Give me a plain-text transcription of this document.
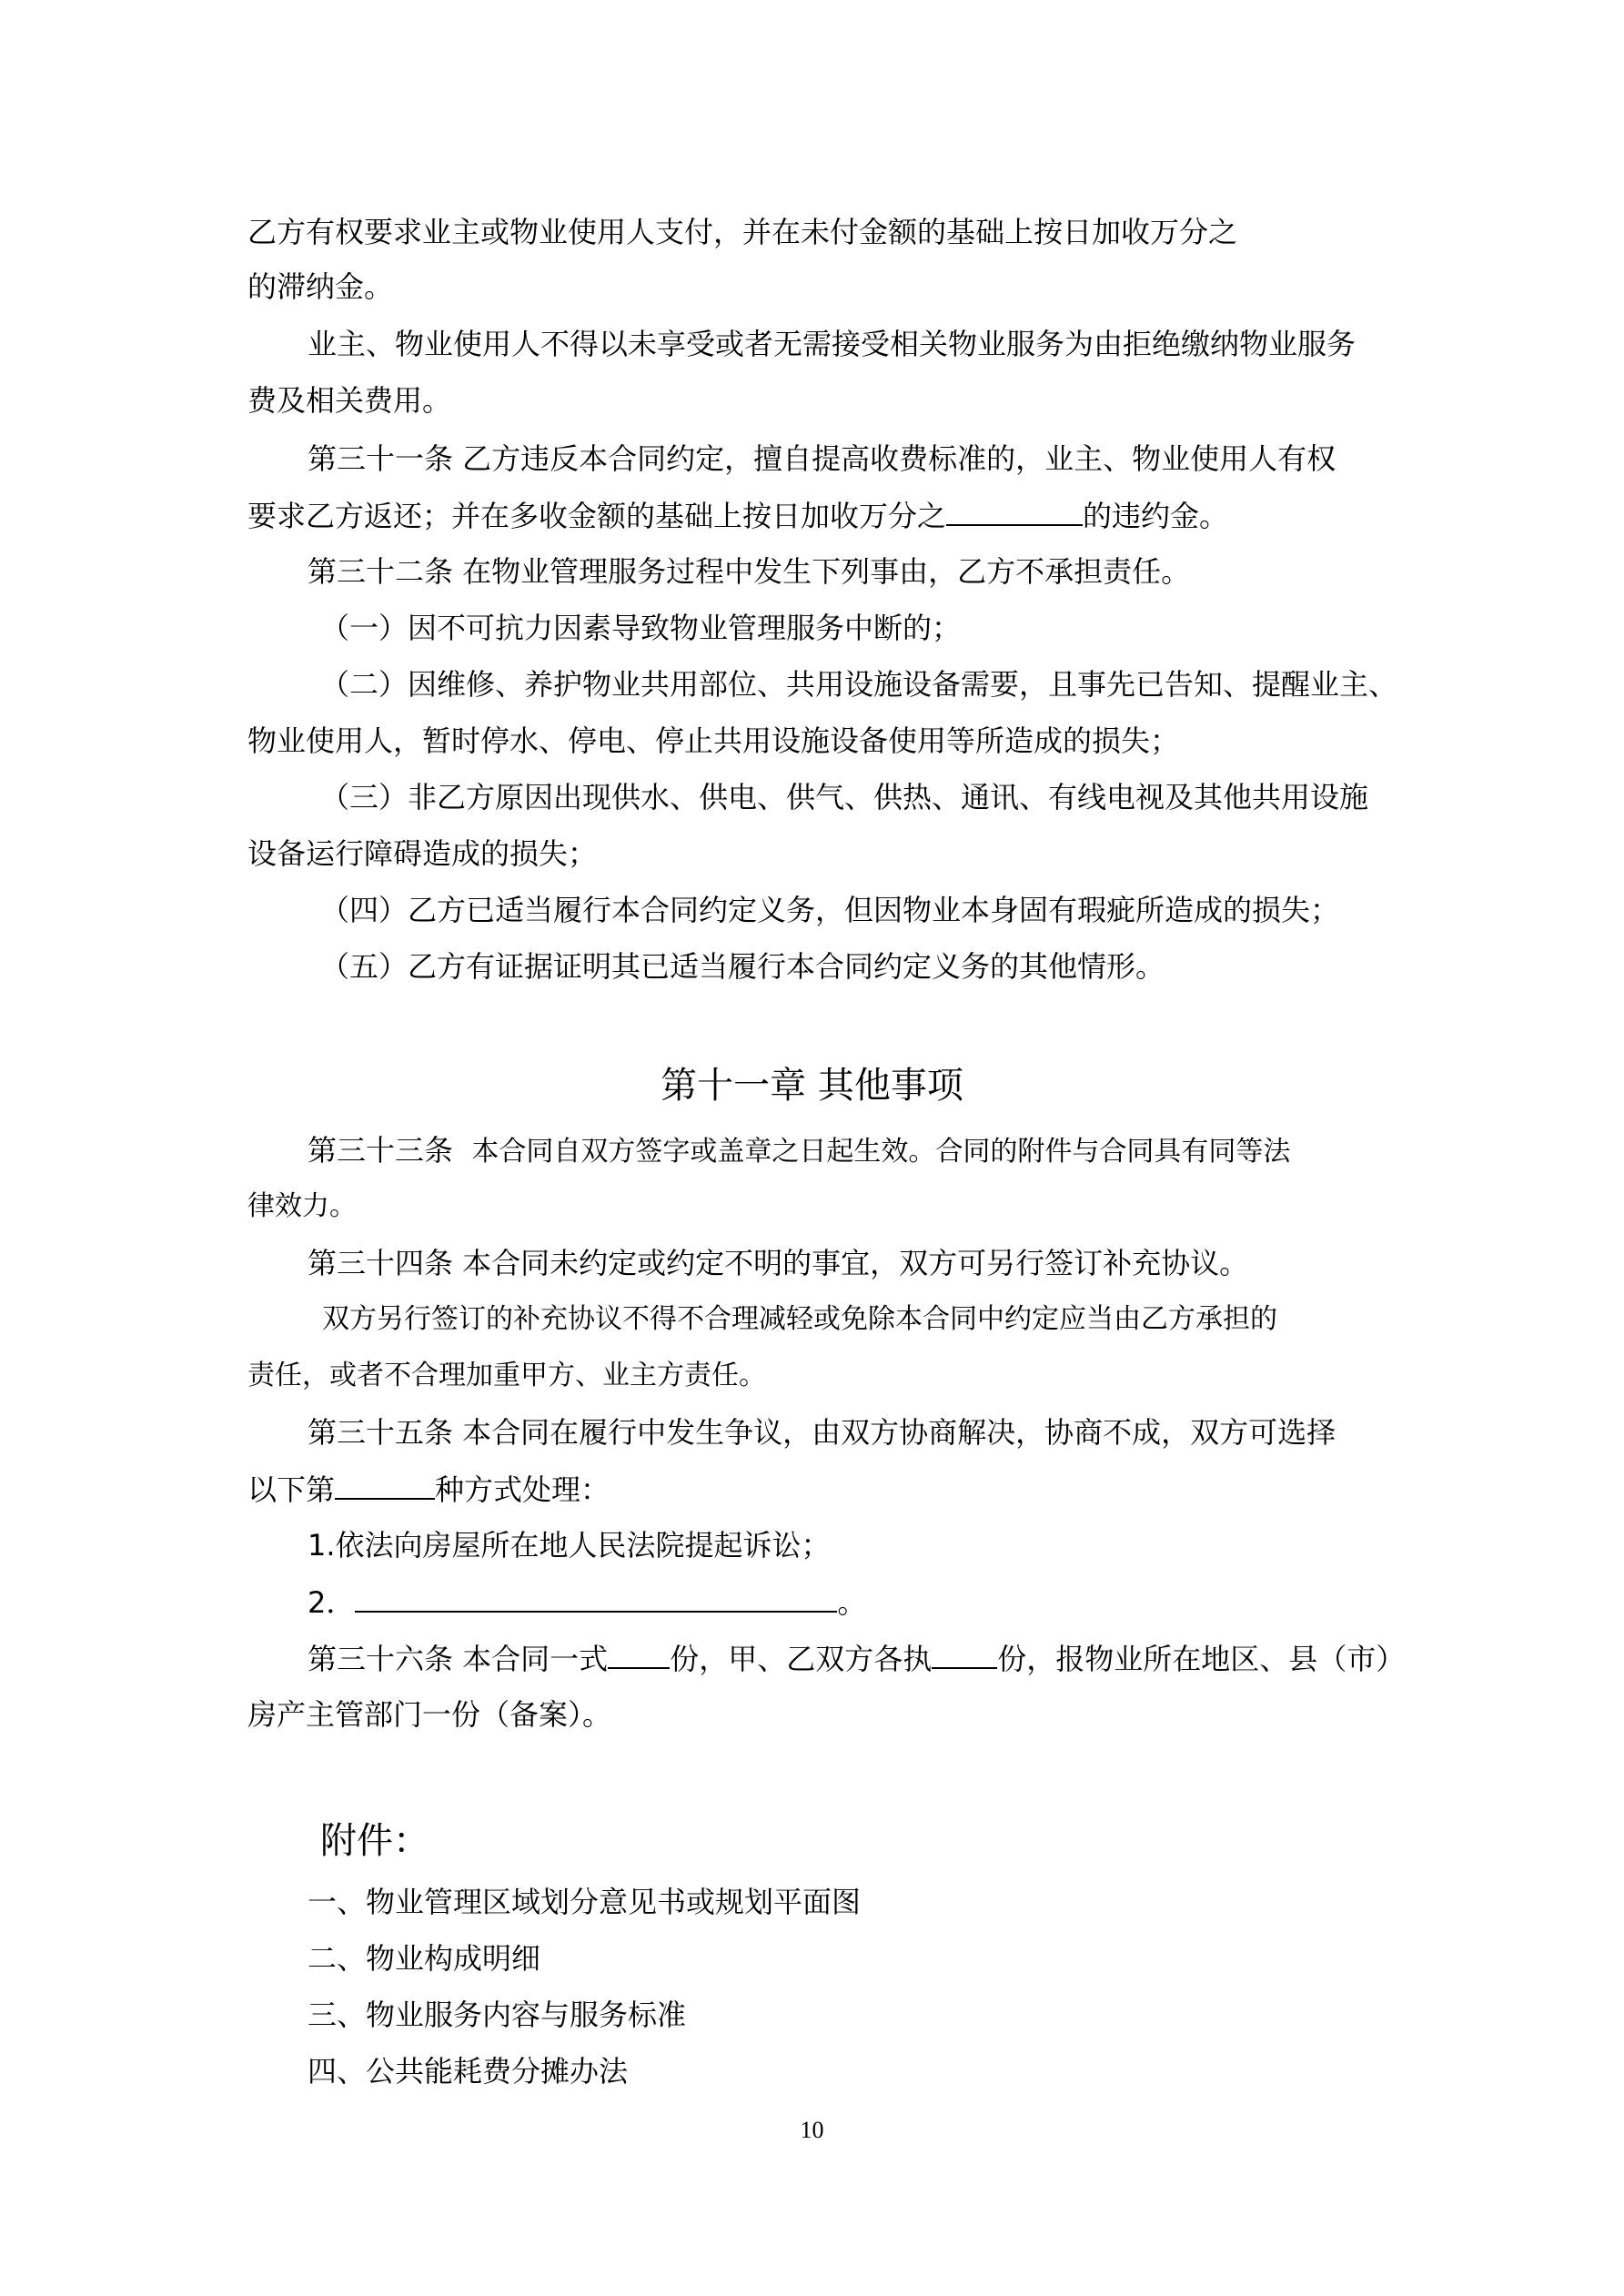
乙方有权要求业主或物业使用人支付，并在未付金额的基础上按日加收万分之
的滞纳金。
业主、物业使用人不得以未享受或者无需接受相关物业服务为由拒绝缴纳物业服务
费及相关费用。
第三十一条 乙方违反本合同约定，擅自提高收费标准的，业主、物业使用人有权
要求乙方返还；并在多收金额的基础上按日加收万分之	的违约金。
第三十二条 在物业管理服务过程中发生下列事由，乙方不承担责任。
（一）因不可抗力因素导致物业管理服务中断的；
（二）因维修、养护物业共用部位、共用设施设备需要，且事先已告知、提醒业主、
物业使用人，暂时停水、停电、停止共用设施设备使用等所造成的损失；
（三）非乙方原因出现供水、供电、供气、供热、通讯、有线电视及其他共用设施
设备运行障碍造成的损失；
（四）乙方已适当履行本合同约定义务，但因物业本身固有瑕疵所造成的损失；
（五）乙方有证据证明其已适当履行本合同约定义务的其他情形。
第十一章 其他事项
第三十三条 本合同自双方签字或盖章之日起生效。合同的附件与合同具有同等法
律效力。
第三十四条 本合同未约定或约定不明的事宜，双方可另行签订补充协议。
双方另行签订的补充协议不得不合理减轻或免除本合同中约定应当由乙方承担的
责任，或者不合理加重甲方、业主方责任。
第三十五条 本合同在履行中发生争议，由双方协商解决，协商不成，双方可选择
以下第	种方式处理：
1.依法向房屋所在地人民法院提起诉讼；
2．	。
第三十六条 本合同一式 份，甲、乙双方各执 份，报物业所在地区、县（市）
房产主管部门一份（备案）。
附件：
一、物业管理区域划分意见书或规划平面图
二、物业构成明细
三、物业服务内容与服务标准
四、公共能耗费分摊办法
10
